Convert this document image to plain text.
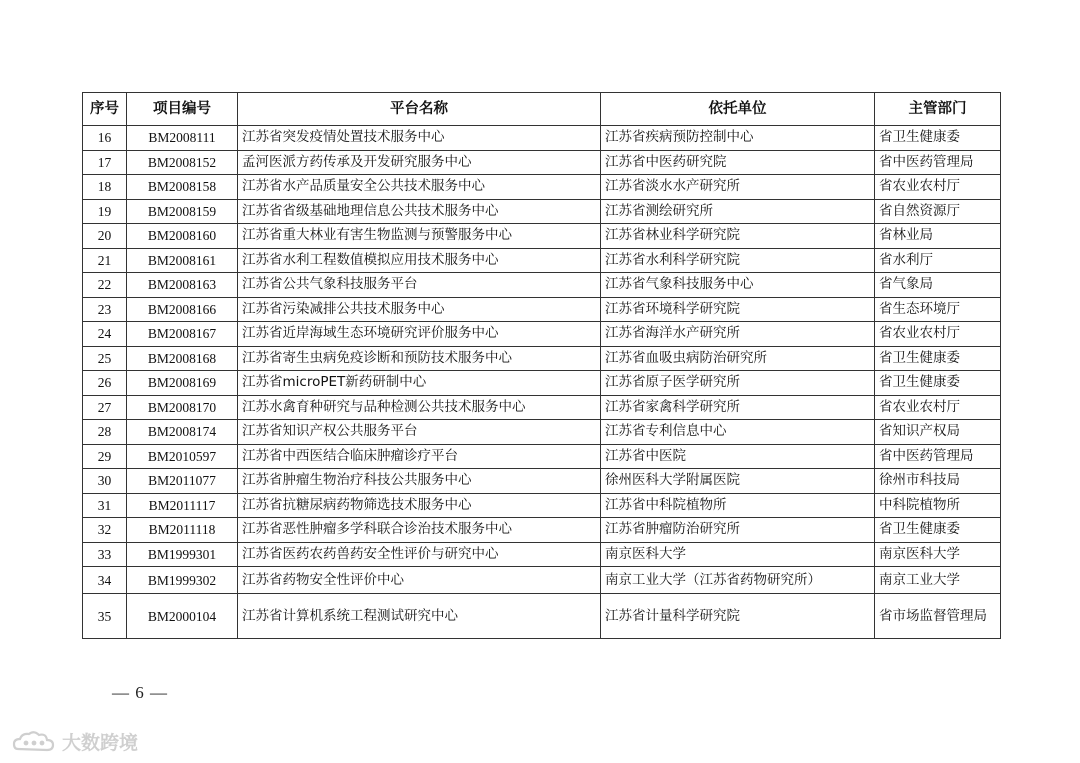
序号	项目编号	平台名称	依托单位	主管部门
16	BM2008111	江苏省突发疫情处置技术服务中心	江苏省疾病预防控制中心	省卫生健康委
17	BM2008152	孟河医派方药传承及开发研究服务中心	江苏省中医药研究院	省中医药管理局
18	BM2008158	江苏省水产品质量安全公共技术服务中心	江苏省淡水水产研究所	省农业农村厅
19	BM2008159	江苏省省级基础地理信息公共技术服务中心	江苏省测绘研究所	省自然资源厅
20	BM2008160	江苏省重大林业有害生物监测与预警服务中心	江苏省林业科学研究院	省林业局
21	BM2008161	江苏省水利工程数值模拟应用技术服务中心	江苏省水利科学研究院	省水利厅
22	BM2008163	江苏省公共气象科技服务平台	江苏省气象科技服务中心	省气象局
23	BM2008166	江苏省污染减排公共技术服务中心	江苏省环境科学研究院	省生态环境厅
24	BM2008167	江苏省近岸海域生态环境研究评价服务中心	江苏省海洋水产研究所	省农业农村厅
25	BM2008168	江苏省寄生虫病免疫诊断和预防技术服务中心	江苏省血吸虫病防治研究所	省卫生健康委
26	BM2008169	江苏省microPET新药研制中心	江苏省原子医学研究所	省卫生健康委
27	BM2008170	江苏水禽育种研究与品种检测公共技术服务中心	江苏省家禽科学研究所	省农业农村厅
28	BM2008174	江苏省知识产权公共服务平台	江苏省专利信息中心	省知识产权局
29	BM2010597	江苏省中西医结合临床肿瘤诊疗平台	江苏省中医院	省中医药管理局
30	BM2011077	江苏省肿瘤生物治疗科技公共服务中心	徐州医科大学附属医院	徐州市科技局
31	BM2011117	江苏省抗糖尿病药物筛选技术服务中心	江苏省中科院植物所	中科院植物所
32	BM2011118	江苏省恶性肿瘤多学科联合诊治技术服务中心	江苏省肿瘤防治研究所	省卫生健康委
33	BM1999301	江苏省医药农药兽药安全性评价与研究中心	南京医科大学	南京医科大学
34	BM1999302	江苏省药物安全性评价中心	南京工业大学（江苏省药物研究所）	南京工业大学
35	BM2000104	江苏省计算机系统工程测试研究中心	江苏省计量科学研究院	省市场监督管理局
— 6 —
大数跨境
